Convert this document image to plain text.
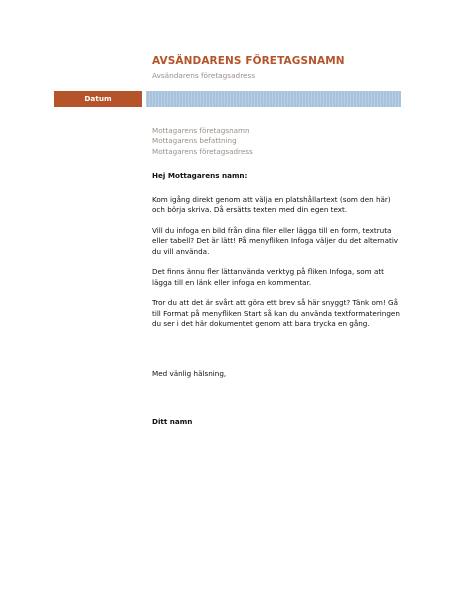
AVSÄNDARENS FÖRETAGSNAMN
Avsändarens företagsadress
Datum
Mottagarens företagsnamn
Mottagarens befattning
Mottagarens företagsadress
Hej Mottagarens namn:

Kom igång direkt genom att välja en platshållartext (som den här) och börja skriva. Då ersätts texten med din egen text.

Vill du infoga en bild från dina filer eller lägga till en form, textruta eller tabell? Det är lätt! På menyfliken Infoga väljer du det alternativ du vill använda.

Det finns ännu fler lättanvända verktyg på fliken Infoga, som att lägga till en länk eller infoga en kommentar.

Tror du att det är svårt att göra ett brev så här snyggt? Tänk om! Gå till Format på menyfliken Start så kan du använda textformateringen du ser i det här dokumentet genom att bara trycka en gång.

Med vänlig hälsning,
Ditt namn
